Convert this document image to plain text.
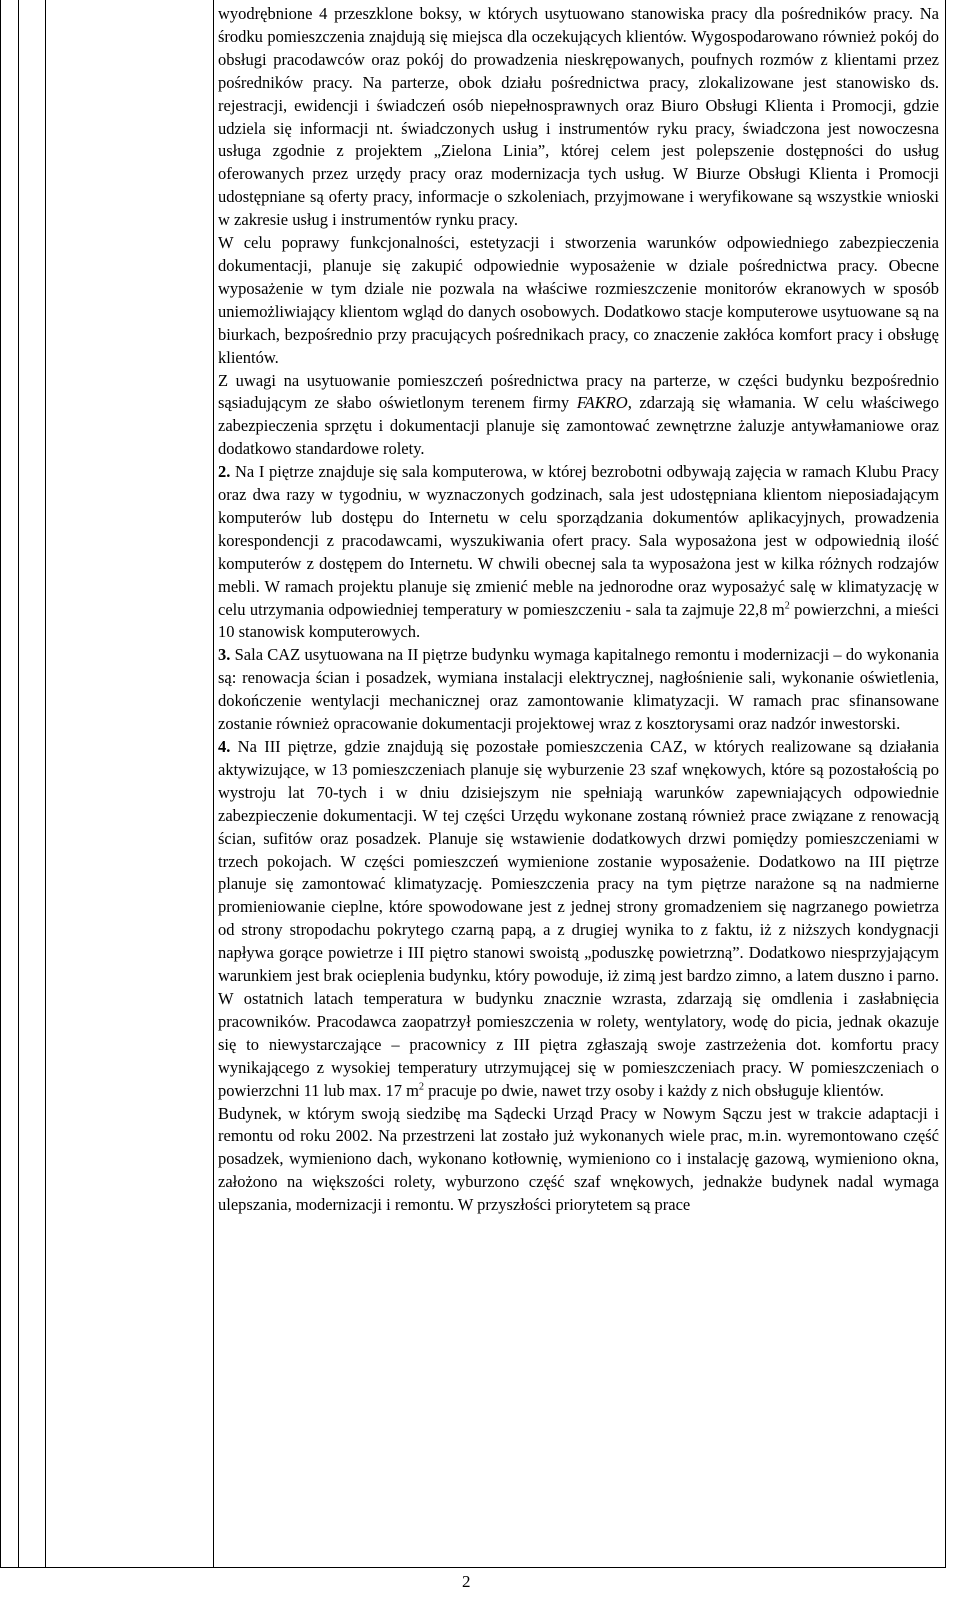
wyodrębnione 4 przeszklone boksy, w których usytuowano stanowiska pracy dla pośredników pracy. Na środku pomieszczenia znajdują się miejsca dla oczekujących klientów. Wygospodarowano również pokój do obsługi pracodawców oraz pokój do prowadzenia nieskrępowanych, poufnych rozmów z klientami przez pośredników pracy. Na parterze, obok działu pośrednictwa pracy, zlokalizowane jest stanowisko ds. rejestracji, ewidencji i świadczeń osób niepełnosprawnych oraz Biuro Obsługi Klienta i Promocji, gdzie udziela się informacji nt. świadczonych usług i instrumentów ryku pracy, świadczona jest nowoczesna usługa zgodnie z projektem „Zielona Linia”, której celem jest polepszenie dostępności do usług oferowanych przez urzędy pracy oraz modernizacja tych usług. W Biurze Obsługi Klienta i Promocji udostępniane są oferty pracy, informacje o szkoleniach, przyjmowane i weryfikowane są wszystkie wnioski w zakresie usług i instrumentów rynku pracy.

W celu poprawy funkcjonalności, estetyzacji i stworzenia warunków odpowiedniego zabezpieczenia dokumentacji, planuje się zakupić odpowiednie wyposażenie w dziale pośrednictwa pracy. Obecne wyposażenie w tym dziale nie pozwala na właściwe rozmieszczenie monitorów ekranowych w sposób uniemożliwiający klientom wgląd do danych osobowych. Dodatkowo stacje komputerowe usytuowane są na biurkach, bezpośrednio przy pracujących pośrednikach pracy, co znaczenie zakłóca komfort pracy i obsługę klientów.

Z uwagi na usytuowanie pomieszczeń pośrednictwa pracy na parterze, w części budynku bezpośrednio sąsiadującym ze słabo oświetlonym terenem firmy FAKRO, zdarzają się włamania. W celu właściwego zabezpieczenia sprzętu i dokumentacji planuje się zamontować zewnętrzne żaluzje antywłamaniowe oraz dodatkowo standardowe rolety.

2. Na I piętrze znajduje się sala komputerowa, w której bezrobotni odbywają zajęcia w ramach Klubu Pracy oraz dwa razy w tygodniu, w wyznaczonych godzinach, sala jest udostępniana klientom nieposiadającym komputerów lub dostępu do Internetu w celu sporządzania dokumentów aplikacyjnych, prowadzenia korespondencji z pracodawcami, wyszukiwania ofert pracy. Sala wyposażona jest w odpowiednią ilość komputerów z dostępem do Internetu. W chwili obecnej sala ta wyposażona jest w kilka różnych rodzajów mebli. W ramach projektu planuje się zmienić meble na jednorodne oraz wyposażyć salę w klimatyzację w celu utrzymania odpowiedniej temperatury w pomieszczeniu - sala ta zajmuje 22,8 $m^2$ powierzchni, a mieści 10 stanowisk komputerowych.

3. Sala CAZ usytuowana na II piętrze budynku wymaga kapitalnego remontu i modernizacji – do wykonania są: renowacja ścian i posadzek, wymiana instalacji elektrycznej, nagłośnienie sali, wykonanie oświetlenia, dokończenie wentylacji mechanicznej oraz zamontowanie klimatyzacji. W ramach prac sfinansowane zostanie również opracowanie dokumentacji projektowej wraz z kosztorysami oraz nadzór inwestorski.

4. Na III piętrze, gdzie znajdują się pozostałe pomieszczenia CAZ, w których realizowane są działania aktywizujące, w 13 pomieszczeniach planuje się wyburzenie 23 szaf wnękowych, które są pozostałością po wystroju lat 70-tych i w dniu dzisiejszym nie spełniają warunków zapewniających odpowiednie zabezpieczenie dokumentacji. W tej części Urzędu wykonane zostaną również prace związane z renowacją ścian, sufitów oraz posadzek. Planuje się wstawienie dodatkowych drzwi pomiędzy pomieszczeniami w trzech pokojach. W części pomieszczeń wymienione zostanie wyposażenie. Dodatkowo na III piętrze planuje się zamontować klimatyzację. Pomieszczenia pracy na tym piętrze narażone są na nadmierne promieniowanie cieplne, które spowodowane jest z jednej strony gromadzeniem się nagrzanego powietrza od strony stropodachu pokrytego czarną papą, a z drugiej wynika to z faktu, iż z niższych kondygnacji napływa gorące powietrze i III piętro stanowi swoistą „poduszkę powietrzną”. Dodatkowo niesprzyjającym warunkiem jest brak ocieplenia budynku, który powoduje, iż zimą jest bardzo zimno, a latem duszno i parno. W ostatnich latach temperatura w budynku znacznie wzrasta, zdarzają się omdlenia i zasłabnięcia pracowników. Pracodawca zaopatrzył pomieszczenia w rolety, wentylatory, wodę do picia, jednak okazuje się to niewystarczające – pracownicy z III piętra zgłaszają swoje zastrzeżenia dot. komfortu pracy wynikającego z wysokiej temperatury utrzymującej się w pomieszczeniach pracy. W pomieszczeniach o powierzchni 11 lub max. 17 $m^2$ pracuje po dwie, nawet trzy osoby i każdy z nich obsługuje klientów.

Budynek, w którym swoją siedzibę ma Sądecki Urząd Pracy w Nowym Sączu jest w trakcie adaptacji i remontu od roku 2002. Na przestrzeni lat zostało już wykonanych wiele prac, m.in. wyremontowano część posadzek, wymieniono dach, wykonano kotłownię, wymieniono co i instalację gazową, wymieniono okna, założono na większości rolety, wyburzono część szaf wnękowych, jednakże budynek nadal wymaga ulepszania, modernizacji i remontu. W przyszłości priorytetem są prace

2
